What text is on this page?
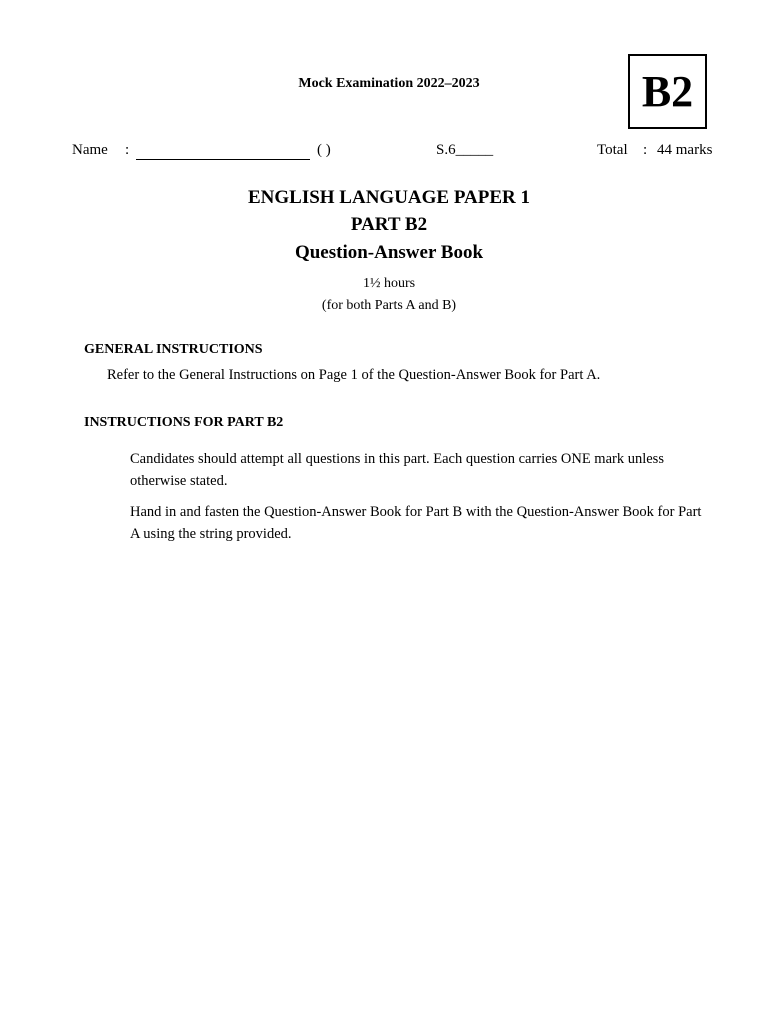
Mock Examination 2022–2023	B2
Name :	( )	S.6_____	Total : 44 marks
ENGLISH LANGUAGE PAPER 1
PART B2
Question-Answer Book
1½ hours
(for both Parts A and B)
GENERAL INSTRUCTIONS
Refer to the General Instructions on Page 1 of the Question-Answer Book for Part A.
INSTRUCTIONS FOR PART B2
Candidates should attempt all questions in this part. Each question carries ONE mark unless otherwise stated.
Hand in and fasten the Question-Answer Book for Part B with the Question-Answer Book for Part A using the string provided.
